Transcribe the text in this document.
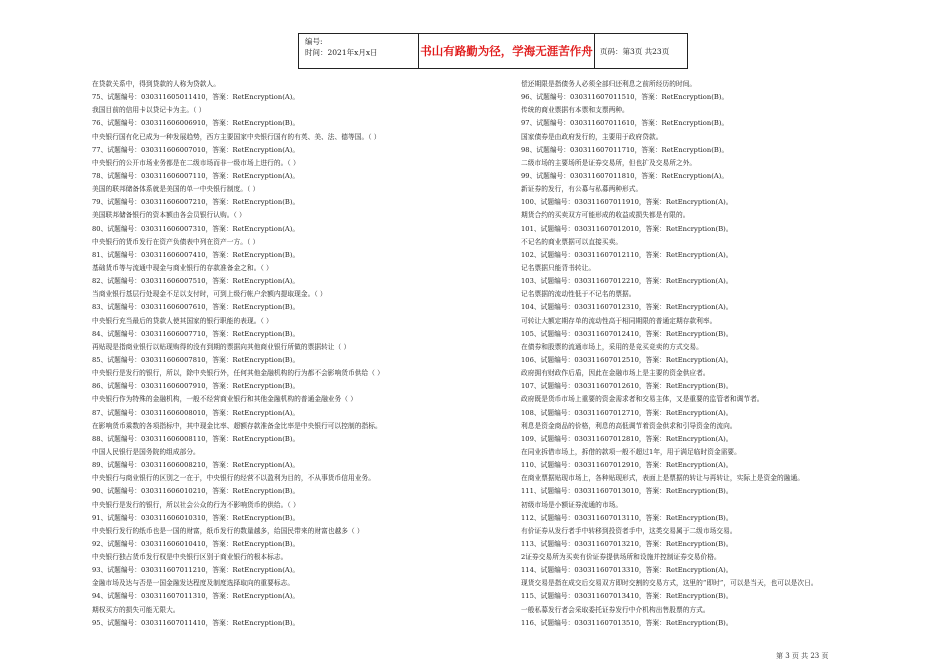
编号:
时间：2021年x月x日	书山有路勤为径，学海无涯苦作舟 页码：第3页 共23页
在贷款关系中，得到贷款的人称为贷款人。
75、试题编号：030311605011410，答案：RetEncryption(A)。
我国目前的信用卡以贷记卡为主。（ ）
76、试题编号：030311606006910，答案：RetEncryption(B)。
中央银行国有化已成为一种发展趋势，西方主要国家中央银行国有的有英、美、法、德等国。（ ）
77、试题编号：030311606007010，答案：RetEncryption(A)。
中央银行的公开市场业务都是在二级市场而非一级市场上进行的。（ ）
78、试题编号：030311606007110，答案：RetEncryption(A)。
美国的联邦储备体系就是美国的单一中央银行制度。（ ）
79、试题编号：030311606007210，答案：RetEncryption(B)。
美国联邦储备银行的资本额由各会员银行认购。（ ）
80、试题编号：030311606007310，答案：RetEncryption(A)。
中央银行的货币发行在资产负债表中列在资产一方。（ ）
81、试题编号：030311606007410，答案：RetEncryption(B)。
基础货币等与流通中现金与商业银行的存款准备金之和。（ ）
82、试题编号：030311606007510，答案：RetEncryption(A)。
当商业银行基层行处现金不足以支付时，可到上级行帐户余额内提取现金。（ ）
83、试题编号：030311606007610，答案：RetEncryption(B)。
中央银行充当最后的贷款人使其国家的银行职能的表现。（ ）
84、试题编号：030311606007710，答案：RetEncryption(B)。
再贴现是指商业银行以贴现购得的没有到期的票据向其他商业银行所做的票据转让（ ）
85、试题编号：030311606007810，答案：RetEncryption(B)。
中央银行是发行的银行，所以，除中央银行外，任何其他金融机构的行为都不会影响货币供给（ ）
86、试题编号：030311606007910，答案：RetEncryption(B)。
中央银行作为特殊的金融机构，一般不经营商业银行和其他金融机构的普通金融业务（ ）
87、试题编号：030311606008010，答案：RetEncryption(A)。
在影响货币乘数的各项指标中，其中现金比率、超额存款准备金比率是中央银行可以控制的指标。
88、试题编号：030311606008110，答案：RetEncryption(B)。
中国人民银行是国务院的组成部分。
89、试题编号：030311606008210，答案：RetEncryption(A)。
中央银行与商业银行的区别之一在于，中央银行的经营不以盈利为目的，不从事货币信用业务。
90、试题编号：030311606010210，答案：RetEncryption(B)。
中央银行是发行的银行，所以社会公众的行为不影响货币的供给。（ ）
91、试题编号：030311606010310，答案：RetEncryption(B)。
中央银行发行的纸币也是一国的财富，纸币发行的数量越多，给国民带来的财富也越多（ ）
92、试题编号：030311606010410，答案：RetEncryption(B)。
中央银行独占货币发行权是中央银行区别于商业银行的根本标志。
93、试题编号：030311607011210，答案：RetEncryption(A)。
金融市场及达与否是一国金融发达程度及制度选择取向的重要标志。
94、试题编号：030311607011310，答案：RetEncryption(A)。
期权买方的损失可能无限大。
95、试题编号：030311607011410，答案：RetEncryption(B)。
偿还期限是指债务人必须全部归还利息之前所经历的时间。
96、试题编号：030311607011510，答案：RetEncryption(B)。
传统的商业票据有本票和支票两种。
97、试题编号：030311607011610，答案：RetEncryption(B)。
国家债券是由政府发行的，主要用于政府贷款。
98、试题编号：030311607011710，答案：RetEncryption(B)。
二级市场的主要场所是证券交易所，但也扩及交易所之外。
99、试题编号：030311607011810，答案：RetEncryption(A)。
新证券的发行，有公募与私募两种形式。
100、试题编号：030311607011910，答案：RetEncryption(A)。
期货合约的买卖双方可能形成的收益或损失都是有限的。
101、试题编号：030311607012010，答案：RetEncryption(B)。
不记名的商业票据可以直接买卖。
102、试题编号：030311607012110，答案：RetEncryption(A)。
记名票据只能背书转让。
103、试题编号：030311607012210，答案：RetEncryption(A)。
记名票据的流动性低于不记名的票据。
104、试题编号：030311607012310，答案：RetEncryption(A)。
可转让大额定期存单的流动性高于相同期限的普通定期存款利率。
105、试题编号：030311607012410，答案：RetEncryption(B)。
在债券和股票的流通市场上，采用的是竞买竞卖的方式交易。
106、试题编号：030311607012510，答案：RetEncryption(A)。
政府拥有财政作后盾，因此在金融市场上是主要的资金供应者。
107、试题编号：030311607012610，答案：RetEncryption(B)。
政府既是货币市场上重要的资金需求者和交易主体，又是重要的监管者和调节者。
108、试题编号：030311607012710，答案：RetEncryption(A)。
利息是资金商品的价格，利息的高低调节着资金供求和引导资金的流向。
109、试题编号：030311607012810，答案：RetEncryption(A)。
在同业拆借市场上，拆借的款项一般不超过1年，用于满足临时资金需要。
110、试题编号：030311607012910，答案：RetEncryption(A)。
在商业票据贴现市场上，各种贴现形式，表面上是票据的转让与再转让，实际上是资金的融通。
111、试题编号：030311607013010，答案：RetEncryption(B)。
初级市场是小额证券流通的市场。
112、试题编号：030311607013110，答案：RetEncryption(B)。
有价证券从发行者手中转移到投资者手中，这类交易属于二级市场交易。
113、试题编号：030311607013210，答案：RetEncryption(B)。
2证券交易所为买卖有价证券提供场所和设施并控制证券交易价格。
114、试题编号：030311607013310，答案：RetEncryption(A)。
现货交易是指在成交后交易双方即时交割的交易方式，这里的“即时”，可以是当天，也可以是次日。
115、试题编号：030311607013410，答案：RetEncryption(B)。
一般私募发行者会采取委托证券发行中介机构出售股票的方式。
116、试题编号：030311607013510，答案：RetEncryption(B)。
第 3 页 共 23 页
